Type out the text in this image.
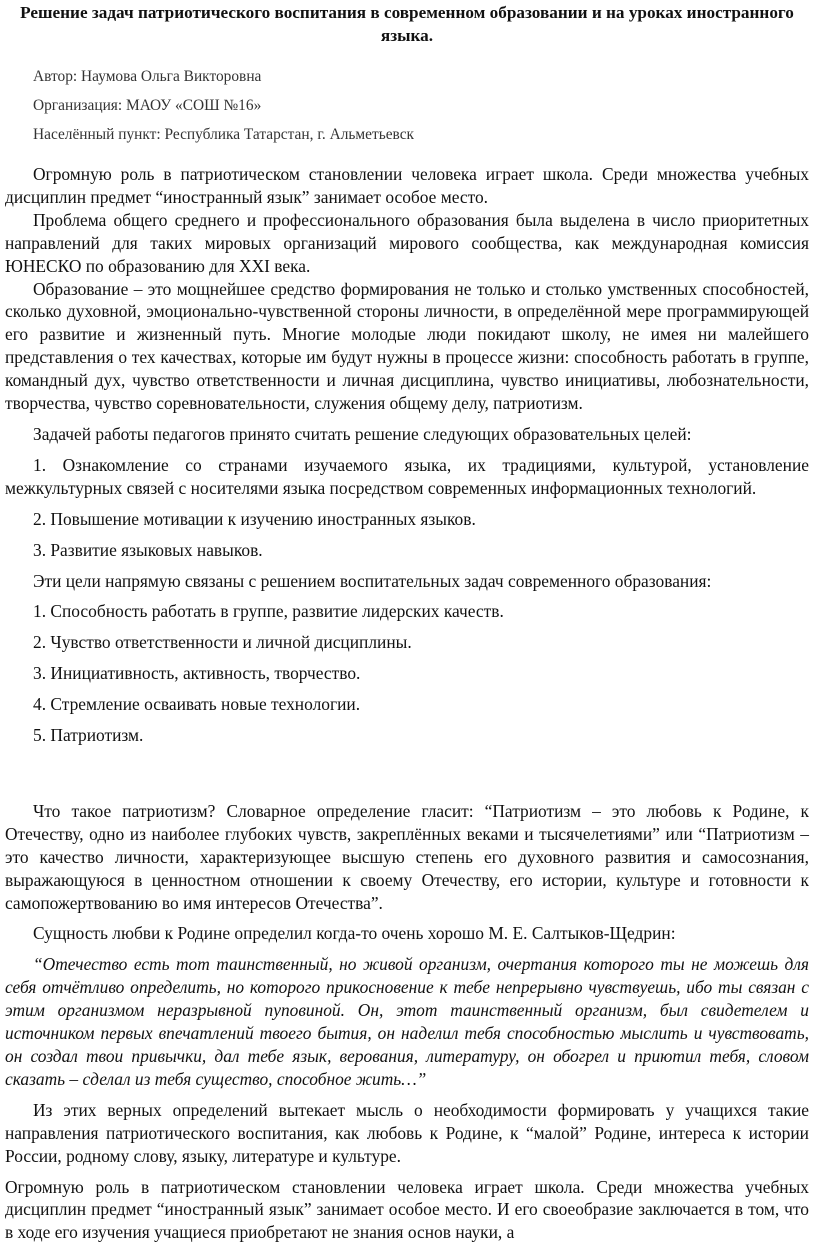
Решение задач патриотического воспитания в современном образовании и на уроках иностранного языка.

Автор: Наумова Ольга Викторовна

Организация: МАОУ «СОШ №16»

Населённый пункт: Республика Татарстан, г. Альметьевск

Огромную роль в патриотическом становлении человека играет школа. Среди множества учебных дисциплин предмет “иностранный язык” занимает особое место.

Проблема общего среднего и профессионального образования была выделена в число приоритетных направлений для таких мировых организаций мирового сообщества, как международная комиссия ЮНЕСКО по образованию для XXI века.

Образование – это мощнейшее средство формирования не только и столько умственных способностей, сколько духовной, эмоционально-чувственной стороны личности, в определённой мере программирующей его развитие и жизненный путь. Многие молодые люди покидают школу, не имея ни малейшего представления о тех качествах, которые им будут нужны в процессе жизни: способность работать в группе, командный дух, чувство ответственности и личная дисциплина, чувство инициативы, любознательности, творчества, чувство соревновательности, служения общему делу, патриотизм.

Задачей работы педагогов принято считать решение следующих образовательных целей:

1. Ознакомление со странами изучаемого языка, их традициями, культурой, установление межкультурных связей с носителями языка посредством современных информационных технологий.

2. Повышение мотивации к изучению иностранных языков.

3. Развитие языковых навыков.

Эти цели напрямую связаны с решением воспитательных задач современного образования:

1. Способность работать в группе, развитие лидерских качеств.

2. Чувство ответственности и личной дисциплины.

3. Инициативность, активность, творчество.

4. Стремление осваивать новые технологии.

5. Патриотизм.

Что такое патриотизм? Словарное определение гласит: “Патриотизм – это любовь к Родине, к Отечеству, одно из наиболее глубоких чувств, закреплённых веками и тысячелетиями” или “Патриотизм – это качество личности, характеризующее высшую степень его духовного развития и самосознания, выражающуюся в ценностном отношении к своему Отечеству, его истории, культуре и готовности к самопожертвованию во имя интересов Отечества”.

Сущность любви к Родине определил когда-то очень хорошо М. Е. Салтыков-Щедрин:

“Отечество есть тот таинственный, но живой организм, очертания которого ты не можешь для себя отчётливо определить, но которого прикосновение к тебе непрерывно чувствуешь, ибо ты связан с этим организмом неразрывной пуповиной. Он, этот таинственный организм, был свидетелем и источником первых впечатлений твоего бытия, он наделил тебя способностью мыслить и чувствовать, он создал твои привычки, дал тебе язык, верования, литературу, он обогрел и приютил тебя, словом сказать – сделал из тебя существо, способное жить…”

Из этих верных определений вытекает мысль о необходимости формировать у учащихся такие направления патриотического воспитания, как любовь к Родине, к “малой” Родине, интереса к истории России, родному слову, языку, литературе и культуре.

Огромную роль в патриотическом становлении человека играет школа. Среди множества учебных дисциплин предмет “иностранный язык” занимает особое место. И его своеобразие заключается в том, что в ходе его изучения учащиеся приобретают не знания основ науки, а
